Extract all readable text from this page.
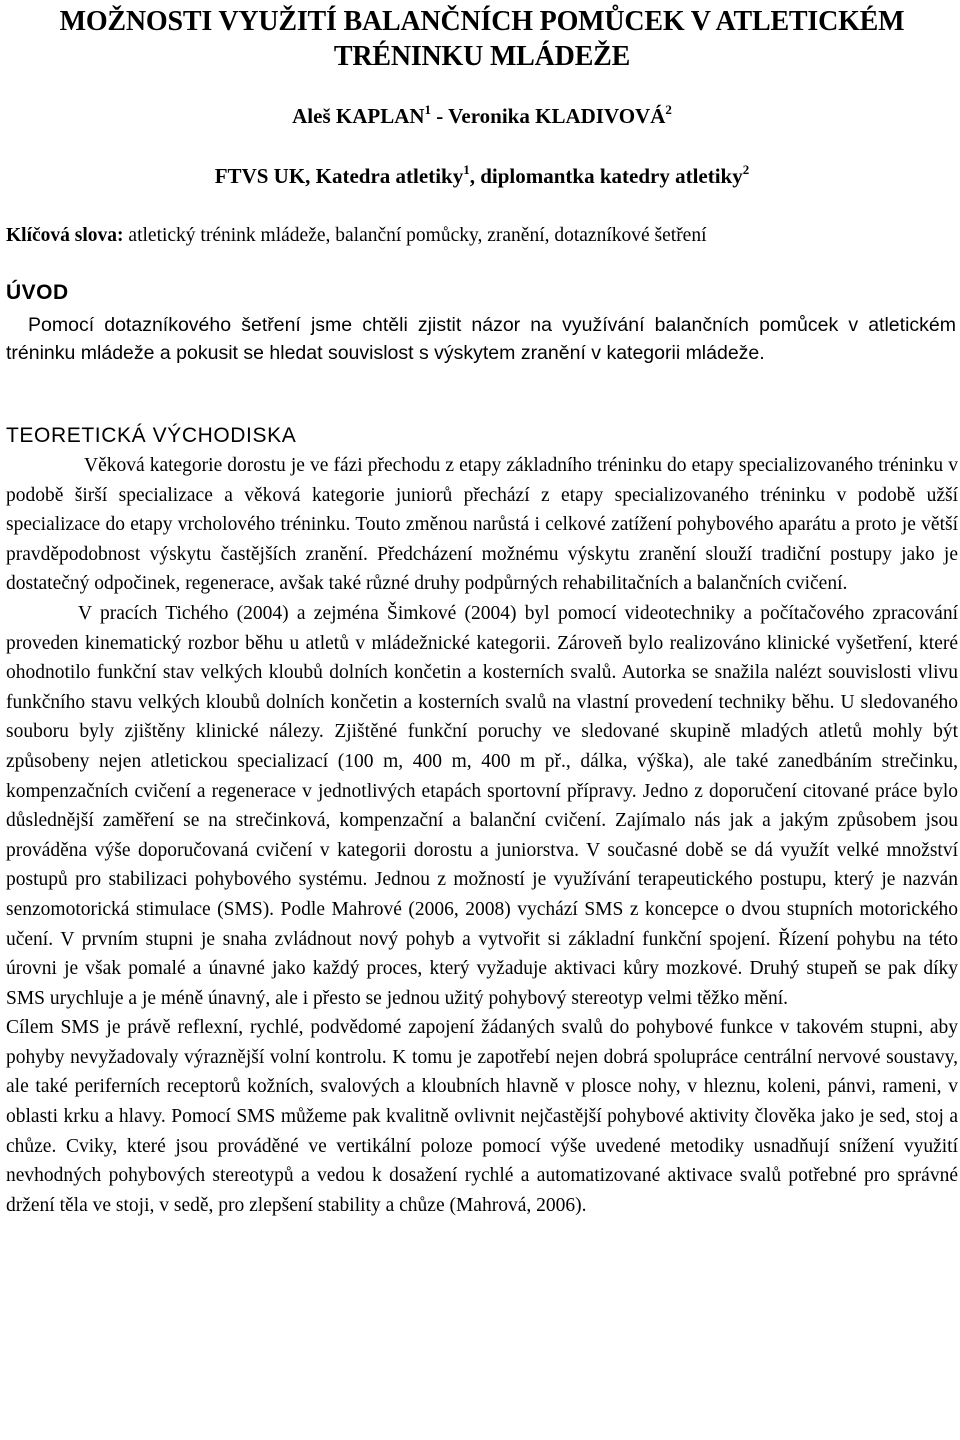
MOŽNOSTI VYUŽITÍ BALANČNÍCH POMŮCEK V ATLETICKÉM
TRÉNINKU MLÁDEŽE
Aleš KAPLAN$^1$ - Veronika KLADIVOVÁ$^2$
FTVS UK, Katedra atletiky$^1$, diplomantka katedry atletiky$^2$
Klíčová slova: atletický trénink mládeže, balanční pomůcky, zranění, dotazníkové šetření
ÚVOD
Pomocí dotazníkového šetření jsme chtěli zjistit názor na využívání balančních pomůcek v atletickém tréninku mládeže a pokusit se hledat souvislost s výskytem zranění v kategorii mládeže.
TEORETICKÁ VÝCHODISKA

Věková kategorie dorostu je ve fázi přechodu z etapy základního tréninku do etapy specializovaného tréninku v podobě širší specializace a věková kategorie juniorů přechází z etapy specializovaného tréninku v podobě užší specializace do etapy vrcholového tréninku. Touto změnou narůstá i celkové zatížení pohybového aparátu a proto je větší pravděpodobnost výskytu častějších zranění. Předcházení možnému výskytu zranění slouží tradiční postupy jako je dostatečný odpočinek, regenerace, avšak také různé druhy podpůrných rehabilitačních a balančních cvičení.

V pracích Tichého (2004) a zejména Šimkové (2004) byl pomocí videotechniky a počítačového zpracování proveden kinematický rozbor běhu u atletů v mládežnické kategorii. Zároveň bylo realizováno klinické vyšetření, které ohodnotilo funkční stav velkých kloubů dolních končetin a kosterních svalů. Autorka se snažila nalézt souvislosti vlivu funkčního stavu velkých kloubů dolních končetin a kosterních svalů na vlastní provedení techniky běhu. U sledovaného souboru byly zjištěny klinické nálezy. Zjištěné funkční poruchy ve sledované skupině mladých atletů mohly být způsobeny nejen atletickou specializací (100 m, 400 m, 400 m př., dálka, výška), ale také zanedbáním strečinku, kompenzačních cvičení a regenerace v jednotlivých etapách sportovní přípravy. Jedno z doporučení citované práce bylo důslednější zaměření se na strečinková, kompenzační a balanční cvičení. Zajímalo nás jak a jakým způsobem jsou prováděna výše doporučovaná cvičení v kategorii dorostu a juniorstva. V současné době se dá využít velké množství postupů pro stabilizaci pohybového systému. Jednou z možností je využívání terapeutického postupu, který je nazván senzomotorická stimulace (SMS). Podle Mahrové (2006, 2008) vychází SMS z koncepce o dvou stupních motorického učení. V prvním stupni je snaha zvládnout nový pohyb a vytvořit si základní funkční spojení. Řízení pohybu na této úrovni je však pomalé a únavné jako každý proces, který vyžaduje aktivaci kůry mozkové. Druhý stupeň se pak díky SMS urychluje a je méně únavný, ale i přesto se jednou užitý pohybový stereotyp velmi těžko mění.

Cílem SMS je právě reflexní, rychlé, podvědomé zapojení žádaných svalů do pohybové funkce v takovém stupni, aby pohyby nevyžadovaly výraznější volní kontrolu. K tomu je zapotřebí nejen dobrá spolupráce centrální nervové soustavy, ale také periferních receptorů kožních, svalových a kloubních hlavně v plosce nohy, v hleznu, koleni, pánvi, rameni, v oblasti krku a hlavy. Pomocí SMS můžeme pak kvalitně ovlivnit nejčastější pohybové aktivity člověka jako je sed, stoj a chůze. Cviky, které jsou prováděné ve vertikální poloze pomocí výše uvedené metodiky usnadňují snížení využití nevhodných pohybových stereotypů a vedou k dosažení rychlé a automatizované aktivace svalů potřebné pro správné držení těla ve stoji, v sedě, pro zlepšení stability a chůze (Mahrová, 2006).
